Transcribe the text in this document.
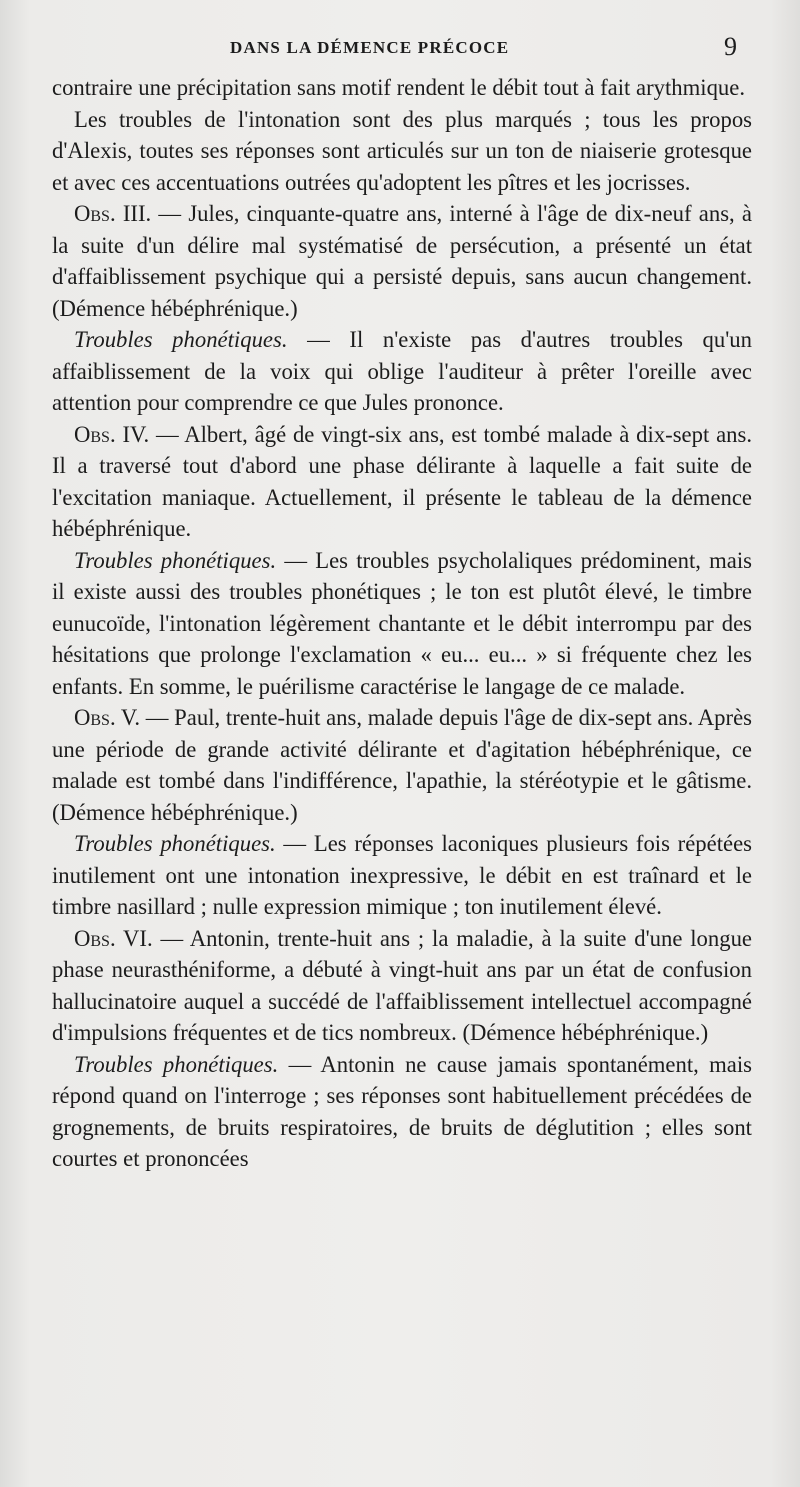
DANS LA DÉMENCE PRÉCOCE	9

contraire une précipitation sans motif rendent le débit tout à fait arythmique.

Les troubles de l'intonation sont des plus marqués ; tous les propos d'Alexis, toutes ses réponses sont articulés sur un ton de niaiserie grotesque et avec ces accentuations outrées qu'adoptent les pîtres et les jocrisses.

Obs. III. — Jules, cinquante-quatre ans, interné à l'âge de dix-neuf ans, à la suite d'un délire mal systématisé de persécution, a présenté un état d'affaiblissement psychique qui a persisté depuis, sans aucun changement. (Démence hébéphrénique.)

Troubles phonétiques. — Il n'existe pas d'autres troubles qu'un affaiblissement de la voix qui oblige l'auditeur à prêter l'oreille avec attention pour comprendre ce que Jules prononce.

Obs. IV. — Albert, âgé de vingt-six ans, est tombé malade à dix-sept ans. Il a traversé tout d'abord une phase délirante à laquelle a fait suite de l'excitation maniaque. Actuellement, il présente le tableau de la démence hébéphrénique.

Troubles phonétiques. — Les troubles psycholaliques prédominent, mais il existe aussi des troubles phonétiques ; le ton est plutôt élevé, le timbre eunucoïde, l'intonation légèrement chantante et le débit interrompu par des hésitations que prolonge l'exclamation « eu... eu... » si fréquente chez les enfants. En somme, le puérilisme caractérise le langage de ce malade.

Obs. V. — Paul, trente-huit ans, malade depuis l'âge de dix-sept ans. Après une période de grande activité délirante et d'agitation hébéphrénique, ce malade est tombé dans l'indifférence, l'apathie, la stéréotypie et le gâtisme. (Démence hébéphrénique.)

Troubles phonétiques. — Les réponses laconiques plusieurs fois répétées inutilement ont une intonation inexpressive, le débit en est traînard et le timbre nasillard ; nulle expression mimique ; ton inutilement élevé.

Obs. VI. — Antonin, trente-huit ans ; la maladie, à la suite d'une longue phase neurasthéniforme, a débuté à vingt-huit ans par un état de confusion hallucinatoire auquel a succédé de l'affaiblissement intellectuel accompagné d'impulsions fréquentes et de tics nombreux. (Démence hébéphrénique.)

Troubles phonétiques. — Antonin ne cause jamais spontanément, mais répond quand on l'interroge ; ses réponses sont habituellement précédées de grognements, de bruits respiratoires, de bruits de déglutition ; elles sont courtes et prononcées
